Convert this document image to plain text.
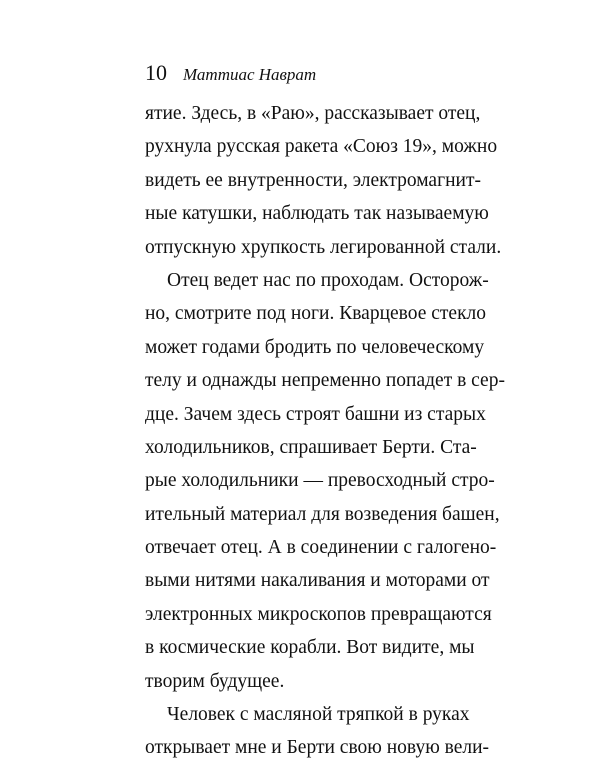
10 Маттиас Наврат
ятие. Здесь, в «Раю», рассказывает отец,
рухнула русская ракета «Союз 19», можно
видеть ее внутренности, электромагнит-
ные катушки, наблюдать так называемую
отпускную хрупкость легированной стали.
Отец ведет нас по проходам. Осторож-
но, смотрите под ноги. Кварцевое стекло
может годами бродить по человеческому
телу и однажды непременно попадет в сер-
дце. Зачем здесь строят башни из старых
холодильников, спрашивает Берти. Ста-
рые холодильники — превосходный стро-
ительный материал для возведения башен,
отвечает отец. А в соединении с галогено-
выми нитями накаливания и моторами от
электронных микроскопов превращаются
в космические корабли. Вот видите, мы
творим будущее.
Человек с масляной тряпкой в руках
открывает мне и Берти свою новую вели-
